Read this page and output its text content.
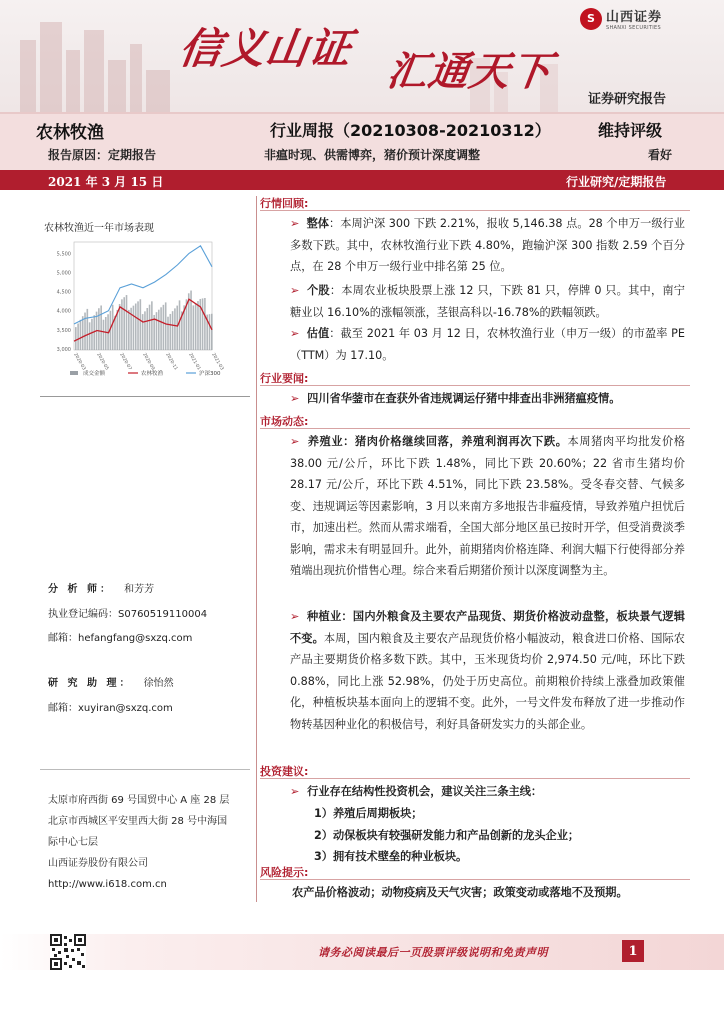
信义山证 汇通天下
S 山西证券
SHANXI SECURITIES
证券研究报告
农林牧渔	行业周报（20210308-20210312）	维持评级
报告原因：定期报告	非瘟时现、供需博弈，猪价预计深度调整	看好
2021 年 3 月 15 日	行业研究/定期报告
农林牧渔近一年市场表现
3,000
3,500
4,000
4,500
5,000
5,500
2020-03 2020-05 2020-07 2020-09 2020-11 2021-01 2021-03
成交金额	农林牧渔	沪深300
分 析 师： 和芳芳
执业登记编码：S0760519110004
邮箱：hefangfang@sxzq.com
研 究 助 理： 徐怡然
邮箱：xuyiran@sxzq.com
太原市府西街 69 号国贸中心 A 座 28 层
北京市西城区平安里西大街 28 号中海国
际中心七层
山西证券股份有限公司
http://www.i618.com.cn
行情回顾:
➢ 整体：本周沪深 300 下跌 2.21%，报收 5,146.38 点。28 个申万一级行业多数下跌。其中，农林牧渔行业下跌 4.80%，跑输沪深 300 指数 2.59 个百分点，在 28 个申万一级行业中排名第 25 位。
➢ 个股：本周农业板块股票上涨 12 只，下跌 81 只，停牌 0 只。其中，南宁糖业以 16.10%的涨幅领涨，茎银高科以-16.78%的跌幅领跌。
➢ 估值：截至 2021 年 03 月 12 日，农林牧渔行业（申万一级）的市盈率 PE（TTM）为 17.10。
行业要闻:
➢ 四川省华蓥市在查获外省违规调运仔猪中排查出非洲猪瘟疫情。
市场动态:
➢ 养殖业：猪肉价格继续回落，养殖利润再次下跌。本周猪肉平均批发价格 38.00 元/公斤，环比下跌 1.48%，同比下跌 20.60%；22 省市生猪均价 28.17 元/公斤，环比下跌 4.51%，同比下跌 23.58%。受冬春交替、气候多变、违规调运等因素影响，3 月以来南方多地报告非瘟疫情，导致养殖户担忧后市，加速出栏。然而从需求端看，全国大部分地区虽已按时开学，但受消费淡季影响，需求未有明显回升。此外，前期猪肉价格连降、利润大幅下行使得部分养殖端出现抗价惜售心理。综合来看后期猪价预计以深度调整为主。
➢ 种植业：国内外粮食及主要农产品现货、期货价格波动盘整，板块景气逻辑不变。本周，国内粮食及主要农产品现货价格小幅波动，粮食进口价格、国际农产品主要期货价格多数下跌。其中，玉米现货均价 2,974.50 元/吨，环比下跌 0.88%，同比上涨 52.98%，仍处于历史高位。前期粮价持续上涨叠加政策催化，种植板块基本面向上的逻辑不变。此外，一号文件发布释放了进一步推动作物转基因种业化的积极信号，利好具备研发实力的头部企业。
投资建议:
➢ 行业存在结构性投资机会，建议关注三条主线：
1）养殖后周期板块；
2）动保板块有较强研发能力和产品创新的龙头企业；
3）拥有技术壁垒的种业板块。
风险提示:
农产品价格波动；动物疫病及天气灾害；政策变动或落地不及预期。
请务必阅读最后一页股票评级说明和免责声明	1
